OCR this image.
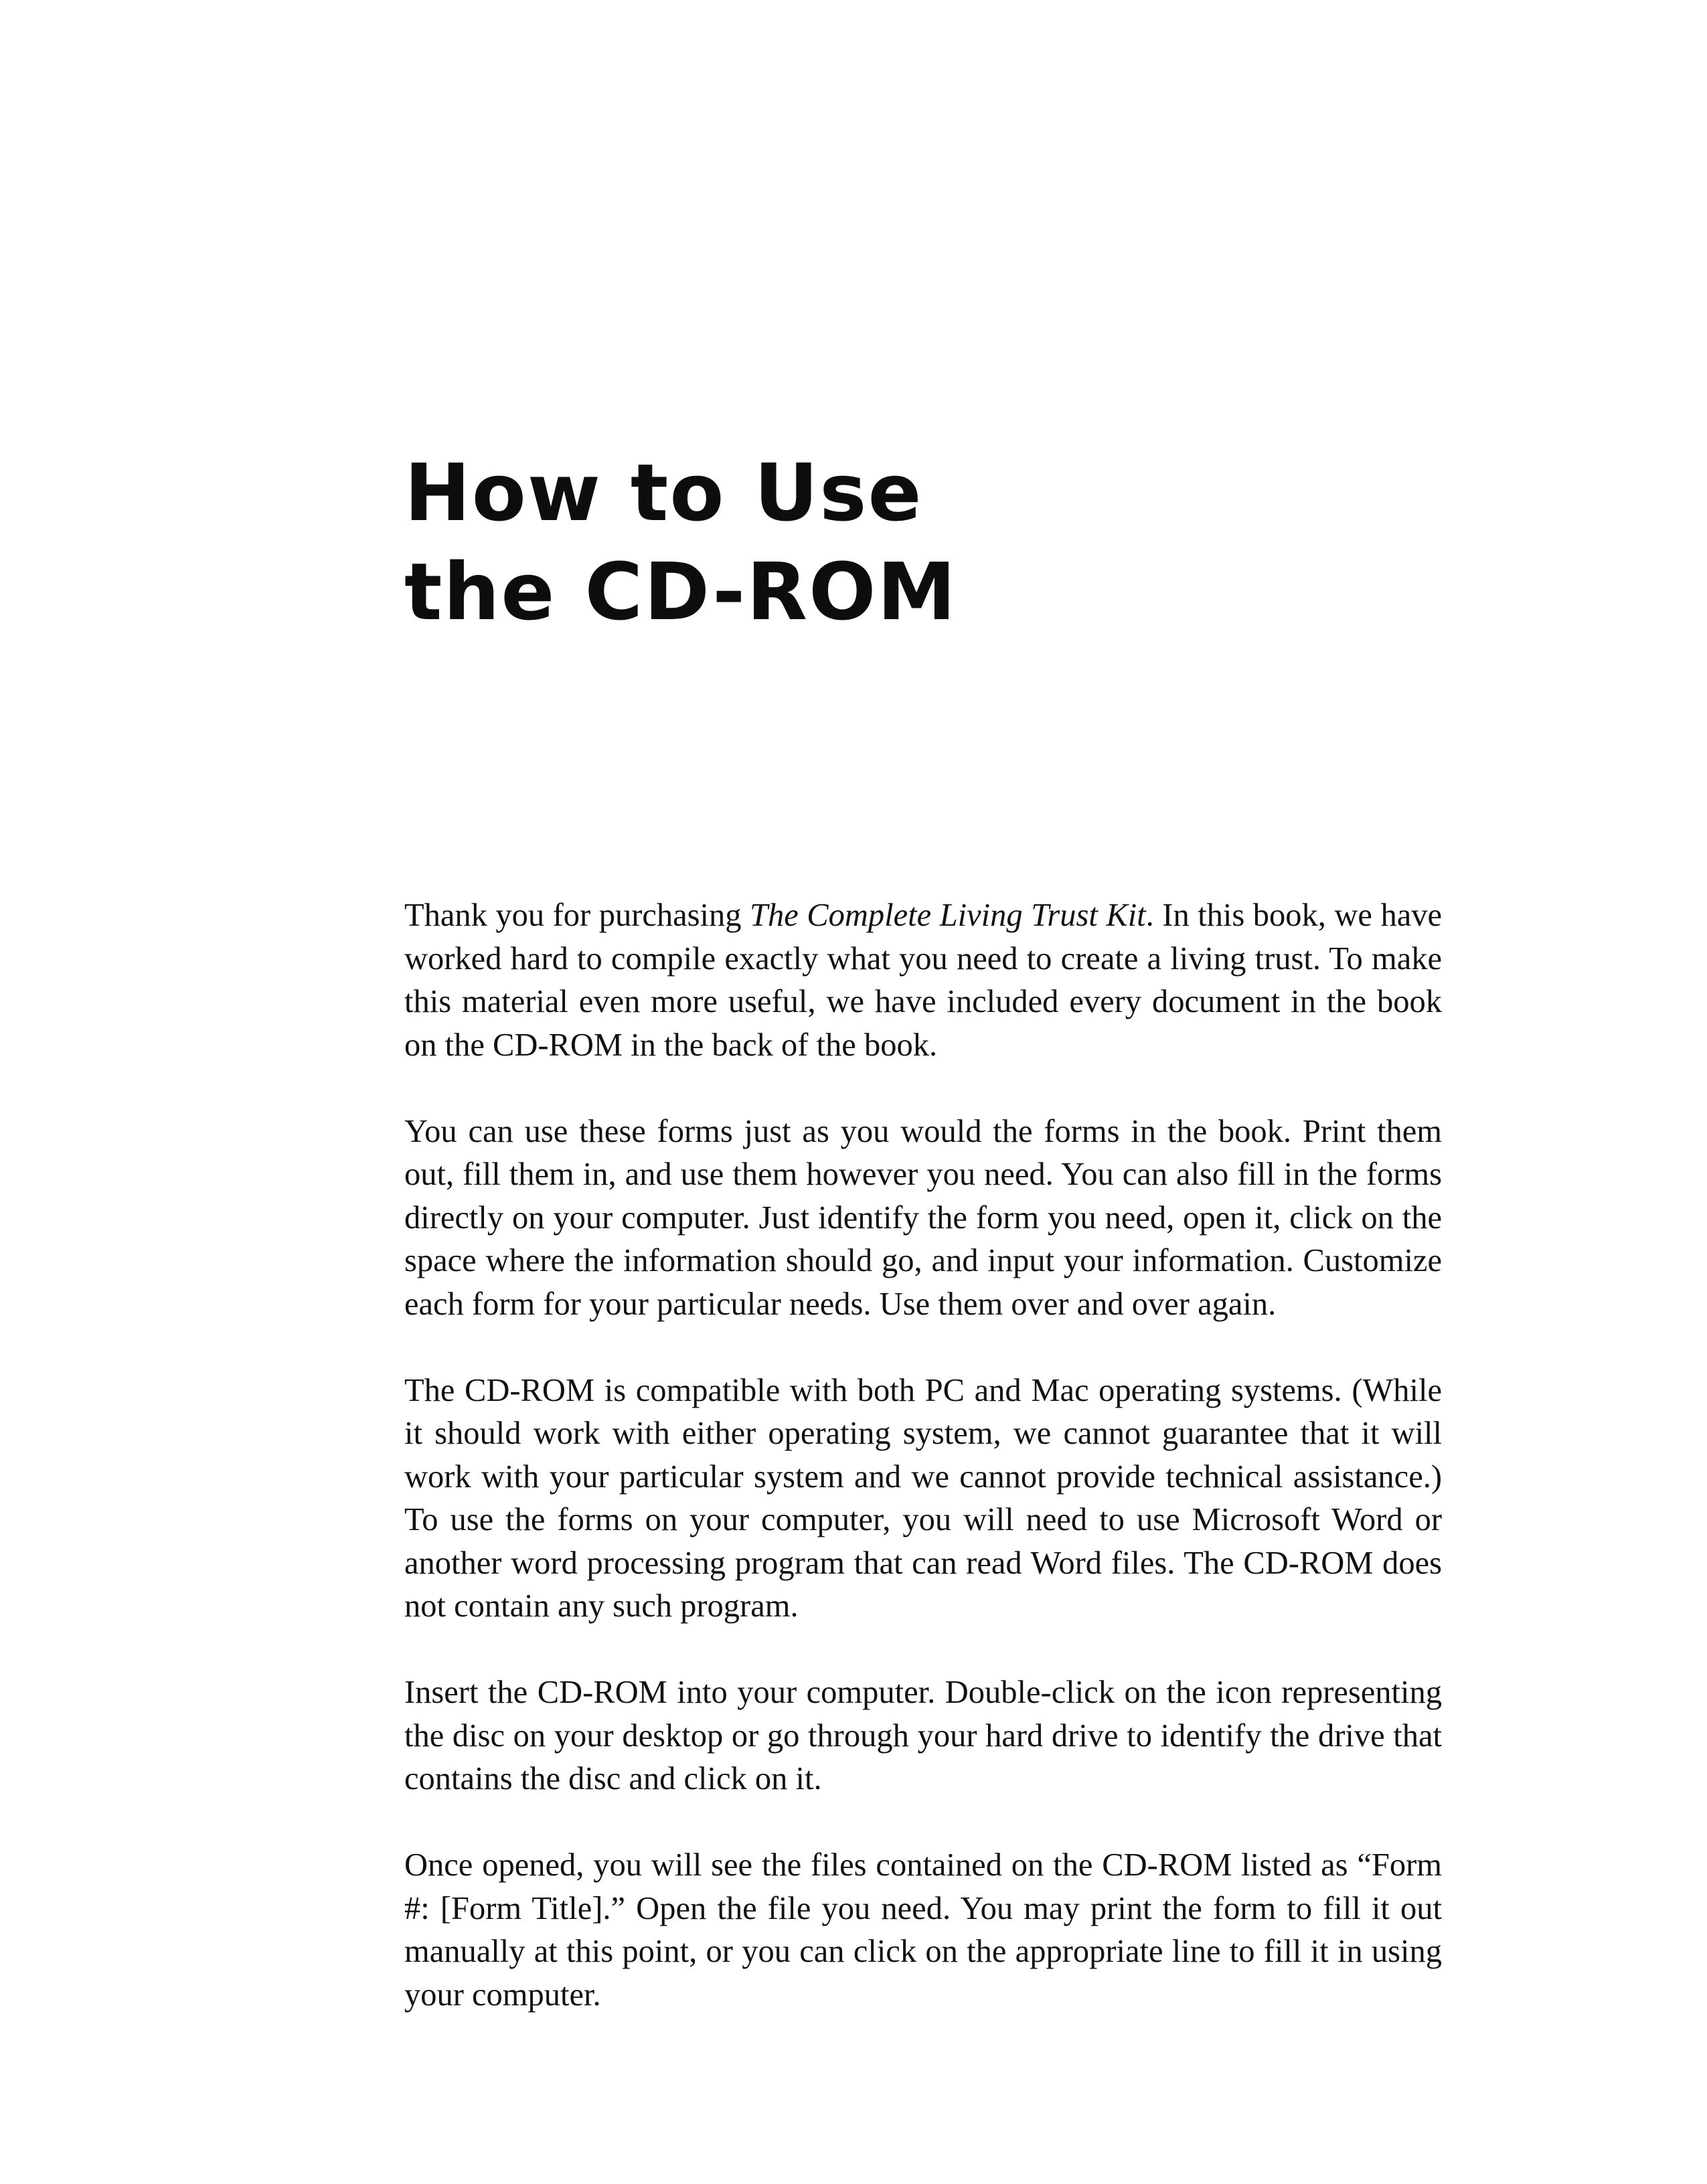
How to Use
the CD-ROM

Thank you for purchasing The Complete Living Trust Kit. In this book, we have worked hard to compile exactly what you need to create a living trust. To make this material even more useful, we have included every document in the book on the CD-ROM in the back of the book.

You can use these forms just as you would the forms in the book. Print them out, fill them in, and use them however you need. You can also fill in the forms directly on your computer. Just identify the form you need, open it, click on the space where the information should go, and input your information. Customize each form for your particular needs. Use them over and over again.

The CD-ROM is compatible with both PC and Mac operating systems. (While it should work with either operating system, we cannot guarantee that it will work with your particular system and we cannot provide technical assistance.) To use the forms on your computer, you will need to use Microsoft Word or another word processing program that can read Word files. The CD-ROM does not contain any such program.

Insert the CD-ROM into your computer. Double-click on the icon representing the disc on your desktop or go through your hard drive to identify the drive that contains the disc and click on it.

Once opened, you will see the files contained on the CD-ROM listed as “Form #: [Form Title].” Open the file you need. You may print the form to fill it out manually at this point, or you can click on the appropriate line to fill it in using your computer.
